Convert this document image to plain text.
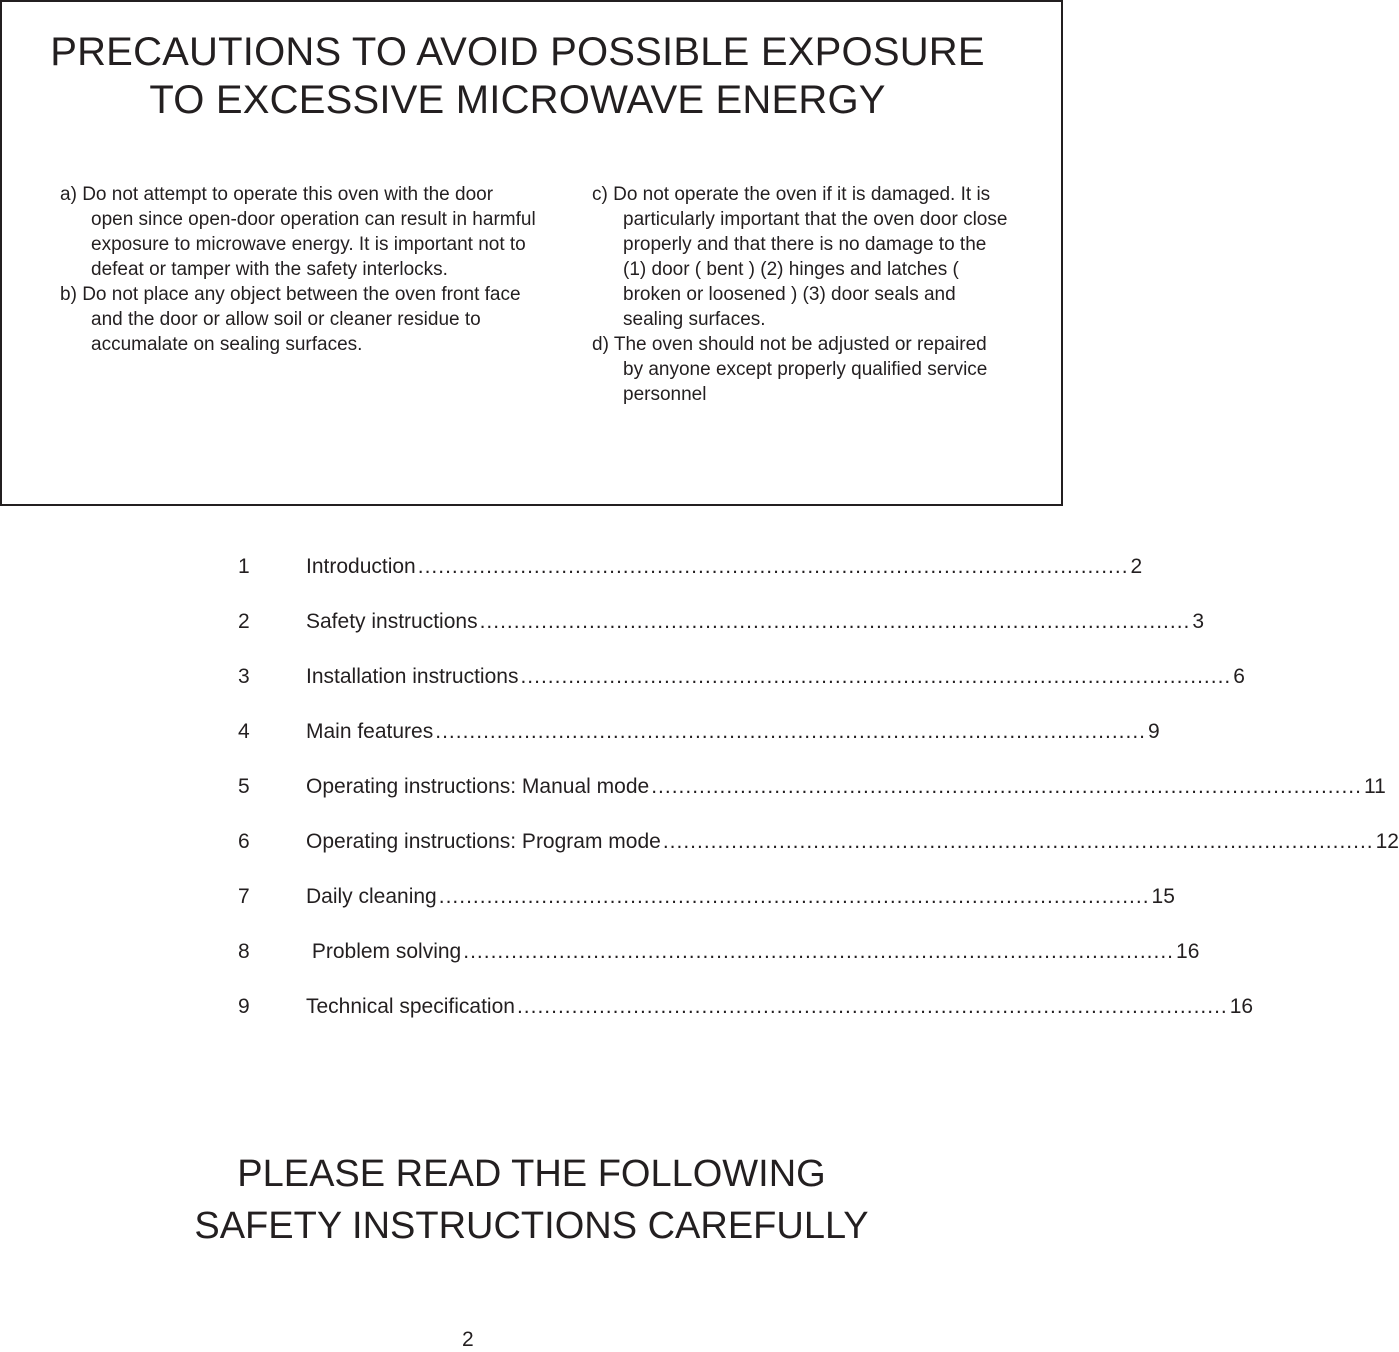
PRECAUTIONS TO AVOID POSSIBLE EXPOSURE
TO EXCESSIVE MICROWAVE ENERGY

a) Do not attempt to operate this oven with the door open since open-door operation can result in harmful exposure to microwave energy. It is important not to defeat or tamper with the safety interlocks.

b) Do not place any object between the oven front face and the door or allow soil or cleaner residue to accumalate on sealing surfaces.

c) Do not operate the oven if it is damaged. It is particularly important that the oven door close properly and that there is no damage to the (1) door ( bent ) (2) hinges and latches ( broken or loosened ) (3) door seals and sealing surfaces.

d) The oven should not be adjusted or repaired by anyone except properly qualified service personnel

1	Introduction ........................................................................................................ 2
2	Safety instructions ........................................................................................................ 3
3	Installation instructions ........................................................................................................ 6
4	Main features ........................................................................................................ 9
5	Operating instructions: Manual mode ........................................................................................................ 11
6	Operating instructions: Program mode ........................................................................................................ 12
7	Daily cleaning ........................................................................................................ 15
8	Problem solving ........................................................................................................ 16
9	Technical specification ........................................................................................................ 16
PLEASE READ THE FOLLOWING
SAFETY INSTRUCTIONS CAREFULLY
2
